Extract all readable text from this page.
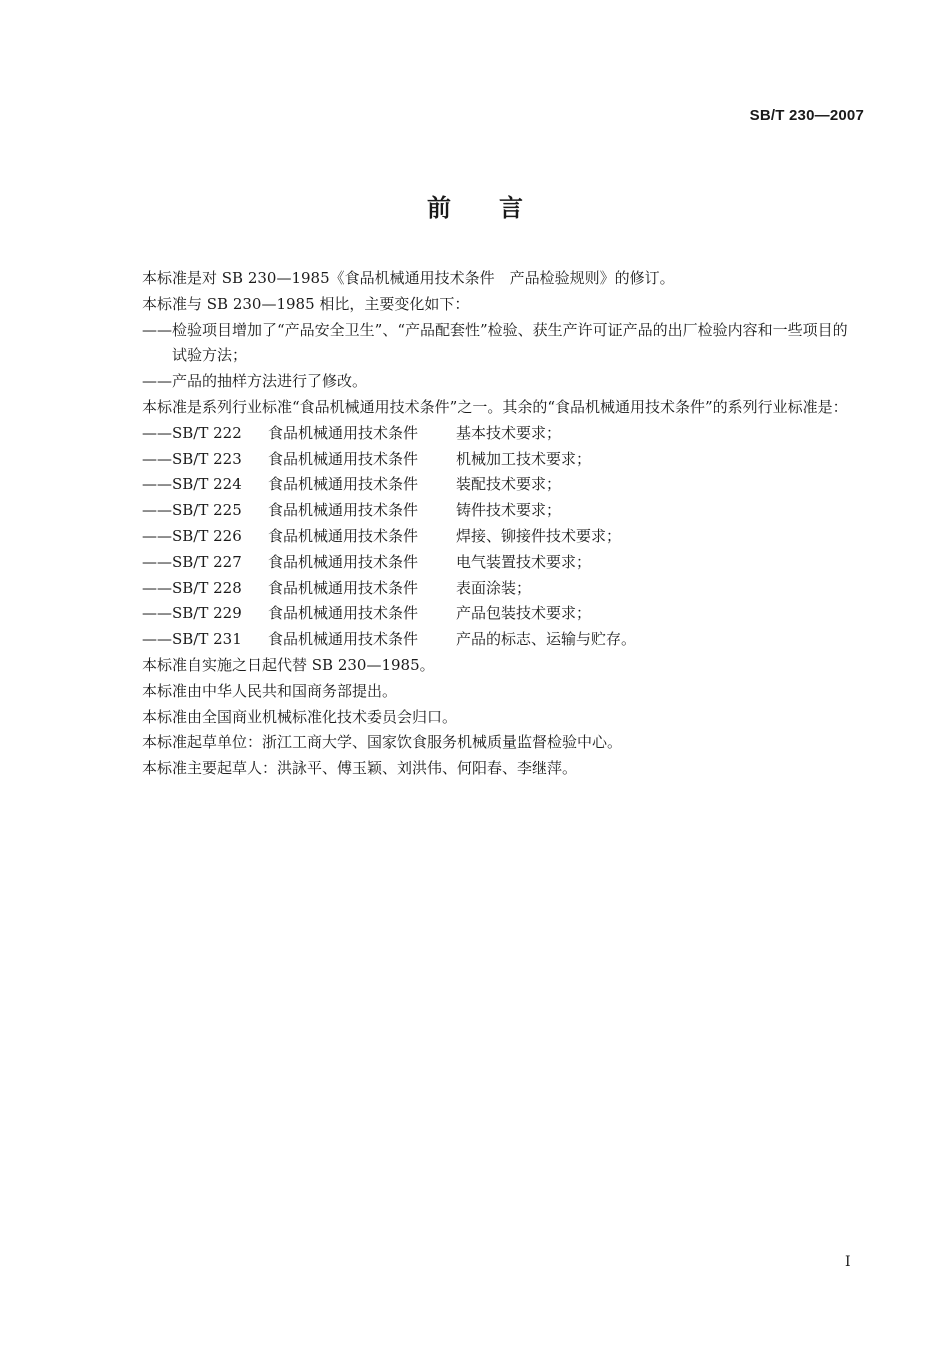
SB/T 230—2007
前言

本标准是对 SB 230—1985《食品机械通用技术条件　产品检验规则》的修订。

本标准与 SB 230—1985 相比，主要变化如下：

——检验项目增加了“产品安全卫生”、“产品配套性”检验、获生产许可证产品的出厂检验内容和一些项目的试验方法；

——产品的抽样方法进行了修改。

本标准是系列行业标准“食品机械通用技术条件”之一。其余的“食品机械通用技术条件”的系列行业标准是：

——SB/T 222	食品机械通用技术条件	基本技术要求；
——SB/T 223	食品机械通用技术条件	机械加工技术要求；
——SB/T 224	食品机械通用技术条件	装配技术要求；
——SB/T 225	食品机械通用技术条件	铸件技术要求；
——SB/T 226	食品机械通用技术条件	焊接、铆接件技术要求；
——SB/T 227	食品机械通用技术条件	电气装置技术要求；
——SB/T 228	食品机械通用技术条件	表面涂装；
——SB/T 229	食品机械通用技术条件	产品包装技术要求；
——SB/T 231	食品机械通用技术条件	产品的标志、运输与贮存。

本标准自实施之日起代替 SB 230—1985。

本标准由中华人民共和国商务部提出。

本标准由全国商业机械标准化技术委员会归口。

本标准起草单位：浙江工商大学、国家饮食服务机械质量监督检验中心。

本标准主要起草人：洪詠平、傅玉颖、刘洪伟、何阳春、李继萍。

I
